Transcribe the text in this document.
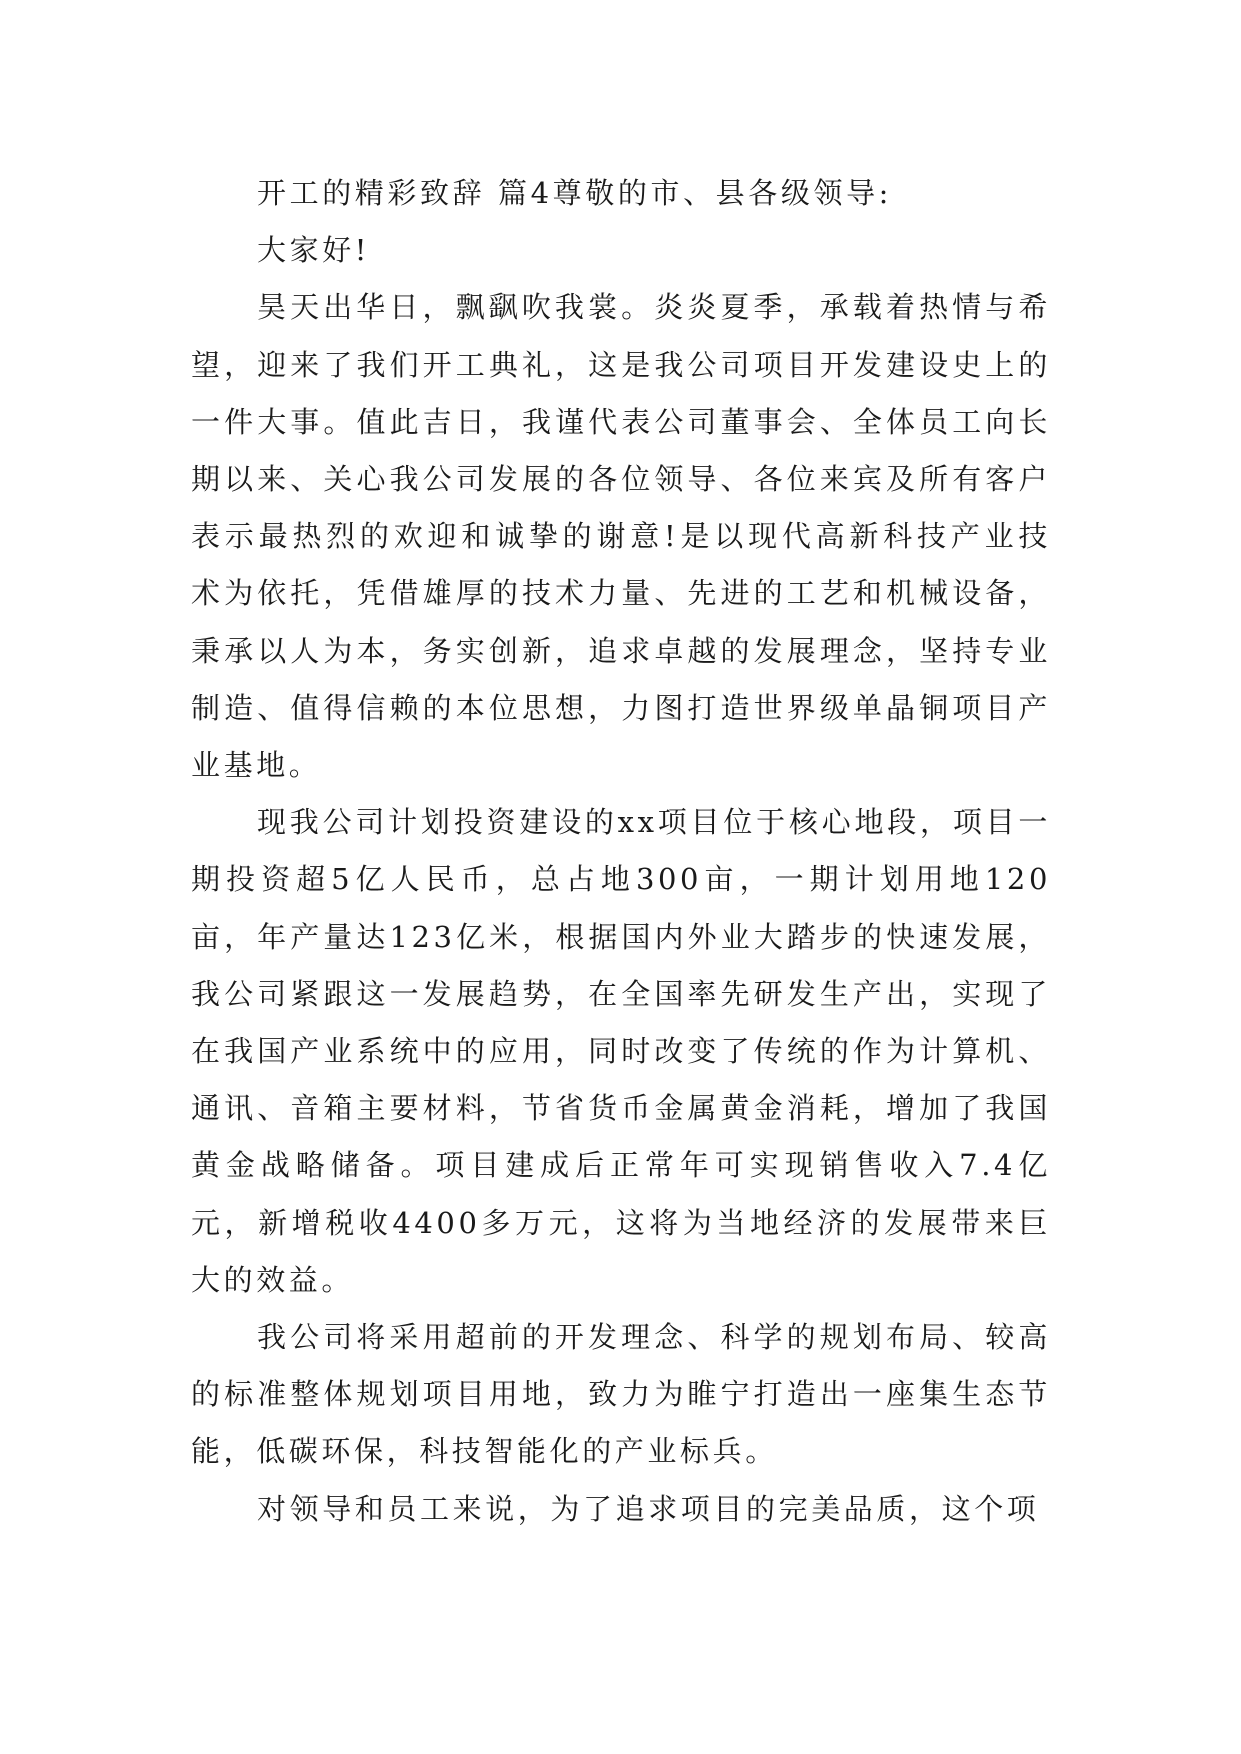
开工的精彩致辞 篇4尊敬的市、县各级领导:

大家好!

昊天出华日，飘飖吹我裳。炎炎夏季，承载着热情与希望，迎来了我们开工典礼，这是我公司项目开发建设史上的一件大事。值此吉日，我谨代表公司董事会、全体员工向长期以来、关心我公司发展的各位领导、各位来宾及所有客户表示最热烈的欢迎和诚挚的谢意!是以现代高新科技产业技术为依托，凭借雄厚的技术力量、先进的工艺和机械设备，秉承以人为本，务实创新，追求卓越的发展理念，坚持专业制造、值得信赖的本位思想，力图打造世界级单晶铜项目产业基地。

现我公司计划投资建设的xx项目位于核心地段，项目一期投资超5亿人民币，总占地300亩，一期计划用地120亩，年产量达123亿米，根据国内外业大踏步的快速发展，我公司紧跟这一发展趋势，在全国率先研发生产出，实现了在我国产业系统中的应用，同时改变了传统的作为计算机、通讯、音箱主要材料，节省货币金属黄金消耗，增加了我国黄金战略储备。项目建成后正常年可实现销售收入7.4亿元，新增税收4400多万元，这将为当地经济的发展带来巨大的效益。

我公司将采用超前的开发理念、科学的规划布局、较高的标准整体规划项目用地，致力为睢宁打造出一座集生态节能，低碳环保，科技智能化的产业标兵。

对领导和员工来说，为了追求项目的完美品质，这个项
